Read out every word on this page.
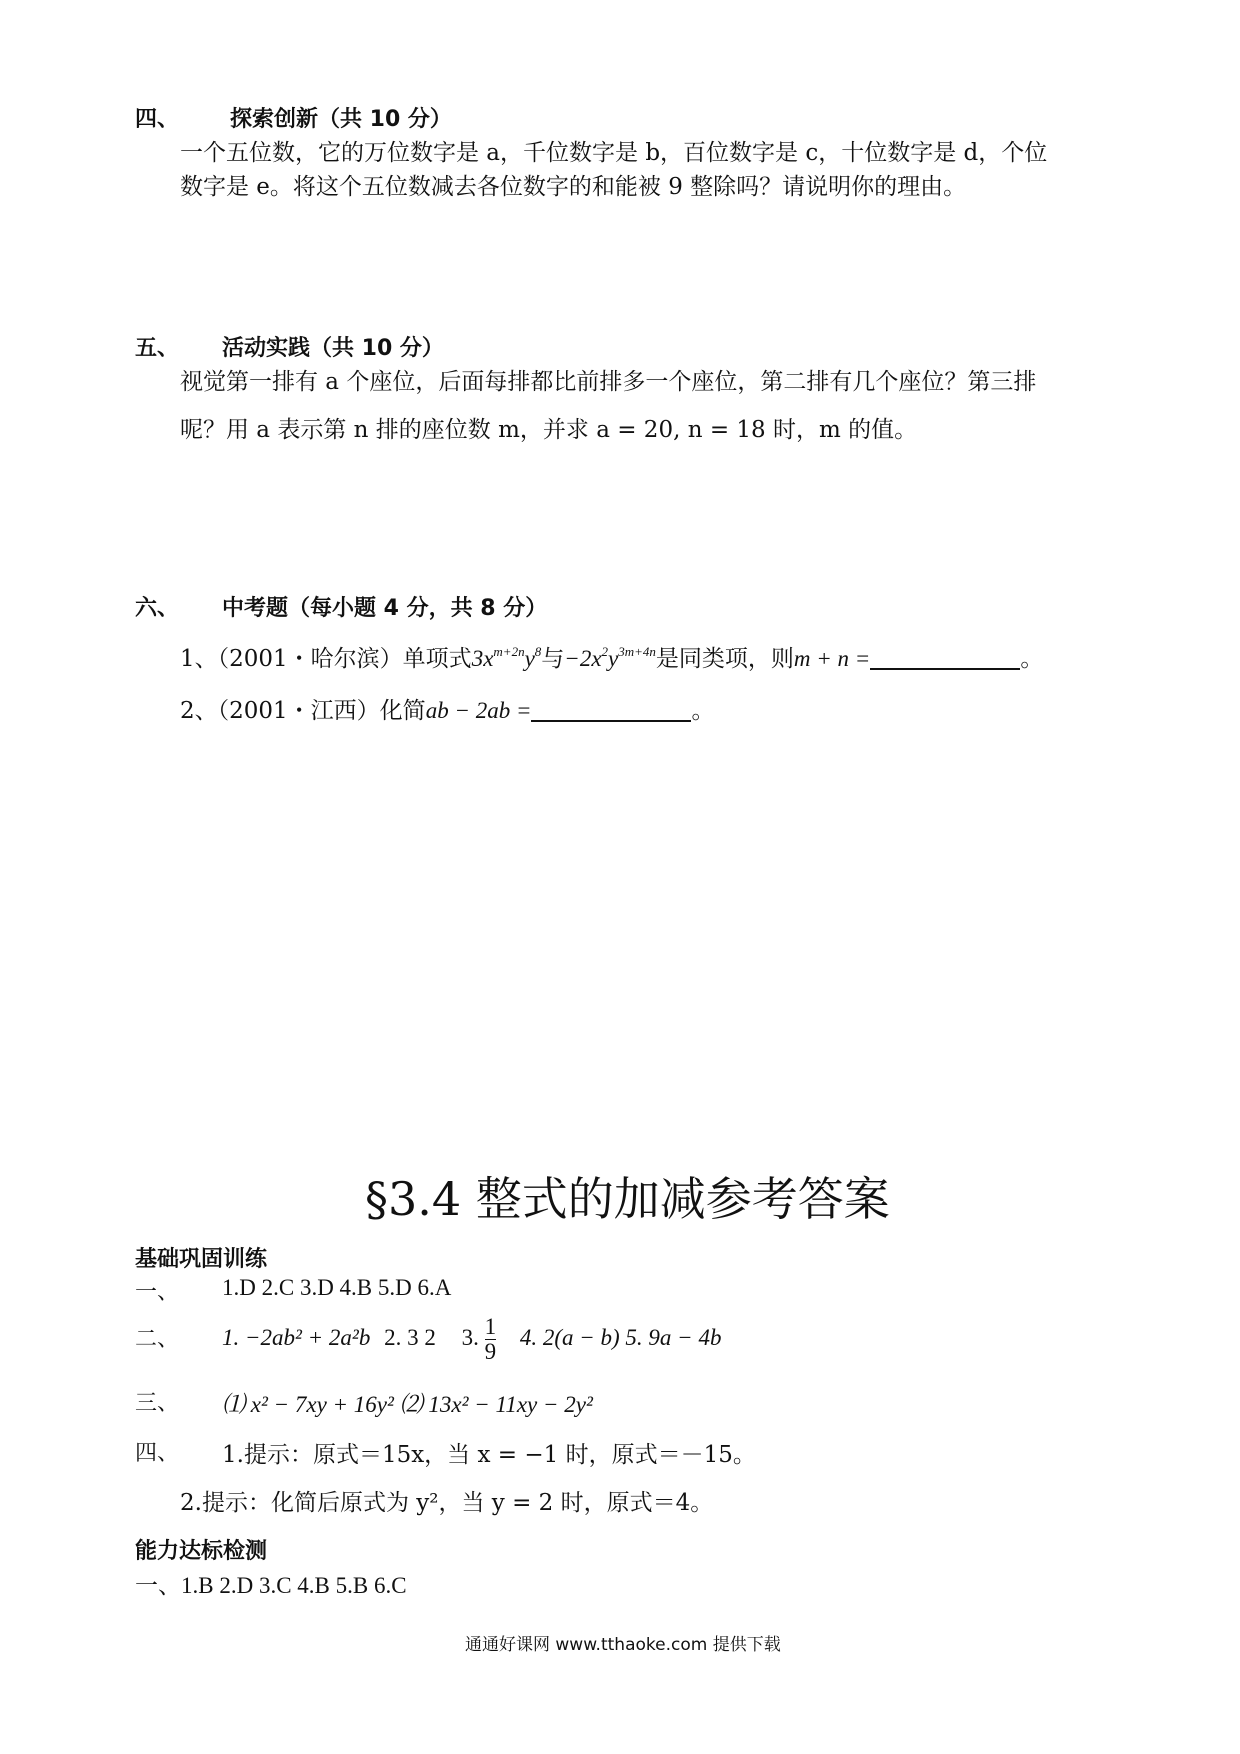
四、 探索创新（共 10 分）
一个五位数，它的万位数字是 a，千位数字是 b，百位数字是 c，十位数字是 d，个位
数字是 e。将这个五位数减去各位数字的和能被 9 整除吗？请说明你的理由。
五、 活动实践（共 10 分）
视觉第一排有 a 个座位，后面每排都比前排多一个座位，第二排有几个座位？第三排
呢？用 a 表示第 n 排的座位数 m，并求 a = 20, n = 18 时，m 的值。
六、 中考题（每小题 4 分，共 8 分）
1、（2001・哈尔滨）单项式$3x^{m+2n}y^8$与$-2x^2y^{3m+4n}$是同类项，则m + n =	。
2、（2001・江西）化简ab − 2ab =	。
§3.4 整式的加减参考答案
基础巩固训练
一、 1.D 2.C 3.D 4.B 5.D 6.A
二、 1. −2ab² + 2a²b 2. 3 2 3. $\frac{1}{9} 4$. 2(a − b) 5. 9a − 4b
三、 ⑴ x² − 7xy + 16y² ⑵ 13x² − 11xy − 2y²
四、 1.提示：原式＝15x，当 x = −1 时，原式＝－15。
2.提示：化简后原式为 y²，当 y = 2 时，原式＝4。
能力达标检测
一、1.B 2.D 3.C 4.B 5.B 6.C
通通好课网 www.tthaoke.com 提供下载
